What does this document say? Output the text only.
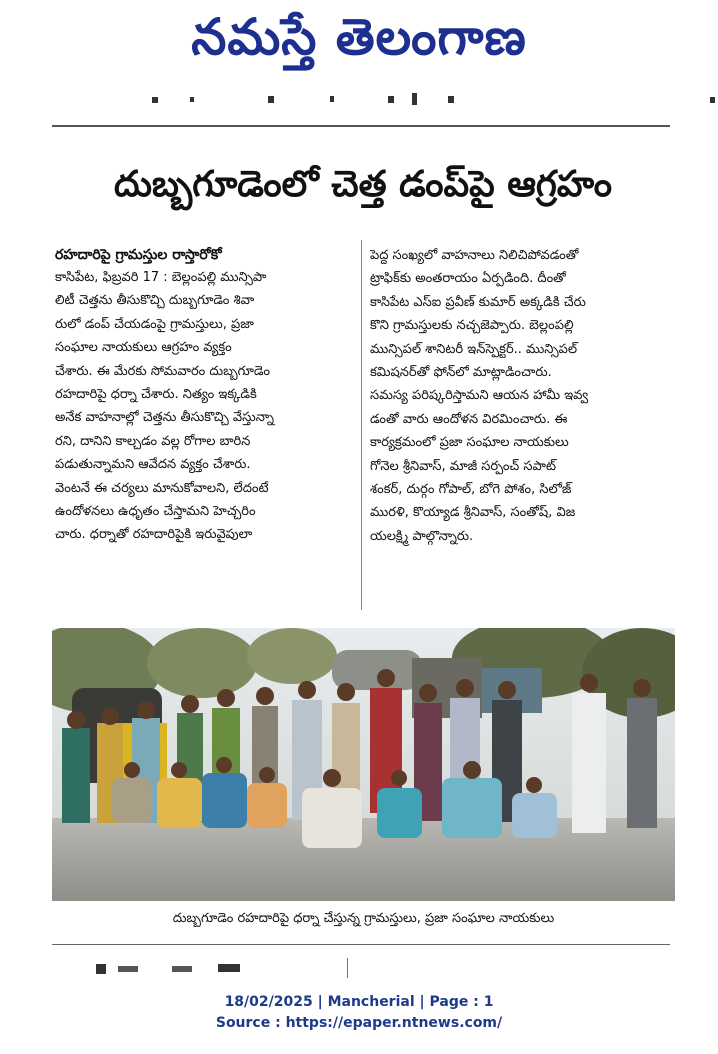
నమస్తే తెలంగాణ
దుబ్బగూడెంలో చెత్త డంప్‌పై ఆగ్రహం
రహదారిపై గ్రామస్తుల రాస్తారోకో
కాసిపేట, ఫిబ్రవరి 17 : బెల్లంపల్లి మున్సిపా
లిటీ చెత్తను తీసుకొచ్చి దుబ్బగూడెం శివా
రులో డంప్ చేయడంపై గ్రామస్తులు, ప్రజా
సంఘాల నాయకులు ఆగ్రహం వ్యక్తం
చేశారు. ఈ మేరకు సోమవారం దుబ్బగూడెం
రహదారిపై ధర్నా చేశారు. నిత్యం ఇక్కడికి
అనేక వాహనాల్లో చెత్తను తీసుకొచ్చి వేస్తున్నా
రని, దానిని కాల్చడం వల్ల రోగాల బారిన
పడుతున్నామని ఆవేదన వ్యక్తం చేశారు.
వెంటనే ఈ చర్యలు మానుకోవాలని, లేదంటే
ఉందోళనలు ఉధృతం చేస్తామని హెచ్చరిం
చారు. ధర్నాతో రహదారిపైకి ఇరువైపులా
పెద్ద సంఖ్యలో వాహనాలు నిలిచిపోవడంతో
ట్రాఫిక్‌కు అంతరాయం ఏర్పడింది. దీంతో
కాసిపేట ఎస్ఐ ప్రవీణ్ కుమార్ అక్కడికి చేరు
కొని గ్రామస్తులకు నచ్చజెప్పారు. బెల్లంపల్లి
మున్సిపల్ శానిటరీ ఇన్‌స్పెక్టర్.. మున్సిపల్
కమిషనర్‌తో ఫోన్‌లో మాట్లాడించారు.
సమస్య పరిష్కరిస్తామని ఆయన హామీ ఇవ్వ
డంతో వారు ఆందోళన విరమించారు. ఈ
కార్యక్రమంలో ప్రజా సంఘాల నాయకులు
గోనెల శ్రీనివాస్, మాజీ సర్పంచ్ సపాట్
శంకర్, దుర్గం గోపాల్, బోగె పోశం, సిలోజ్
మురళి, కొయ్యాడ శ్రీనివాస్, సంతోష్, విజ
యలక్ష్మి పాల్గొన్నారు.
దుబ్బగూడెం రహదారిపై ధర్నా చేస్తున్న గ్రామస్తులు, ప్రజా సంఘాల నాయకులు
18/02/2025 | Mancherial | Page : 1
Source : https://epaper.ntnews.com/
